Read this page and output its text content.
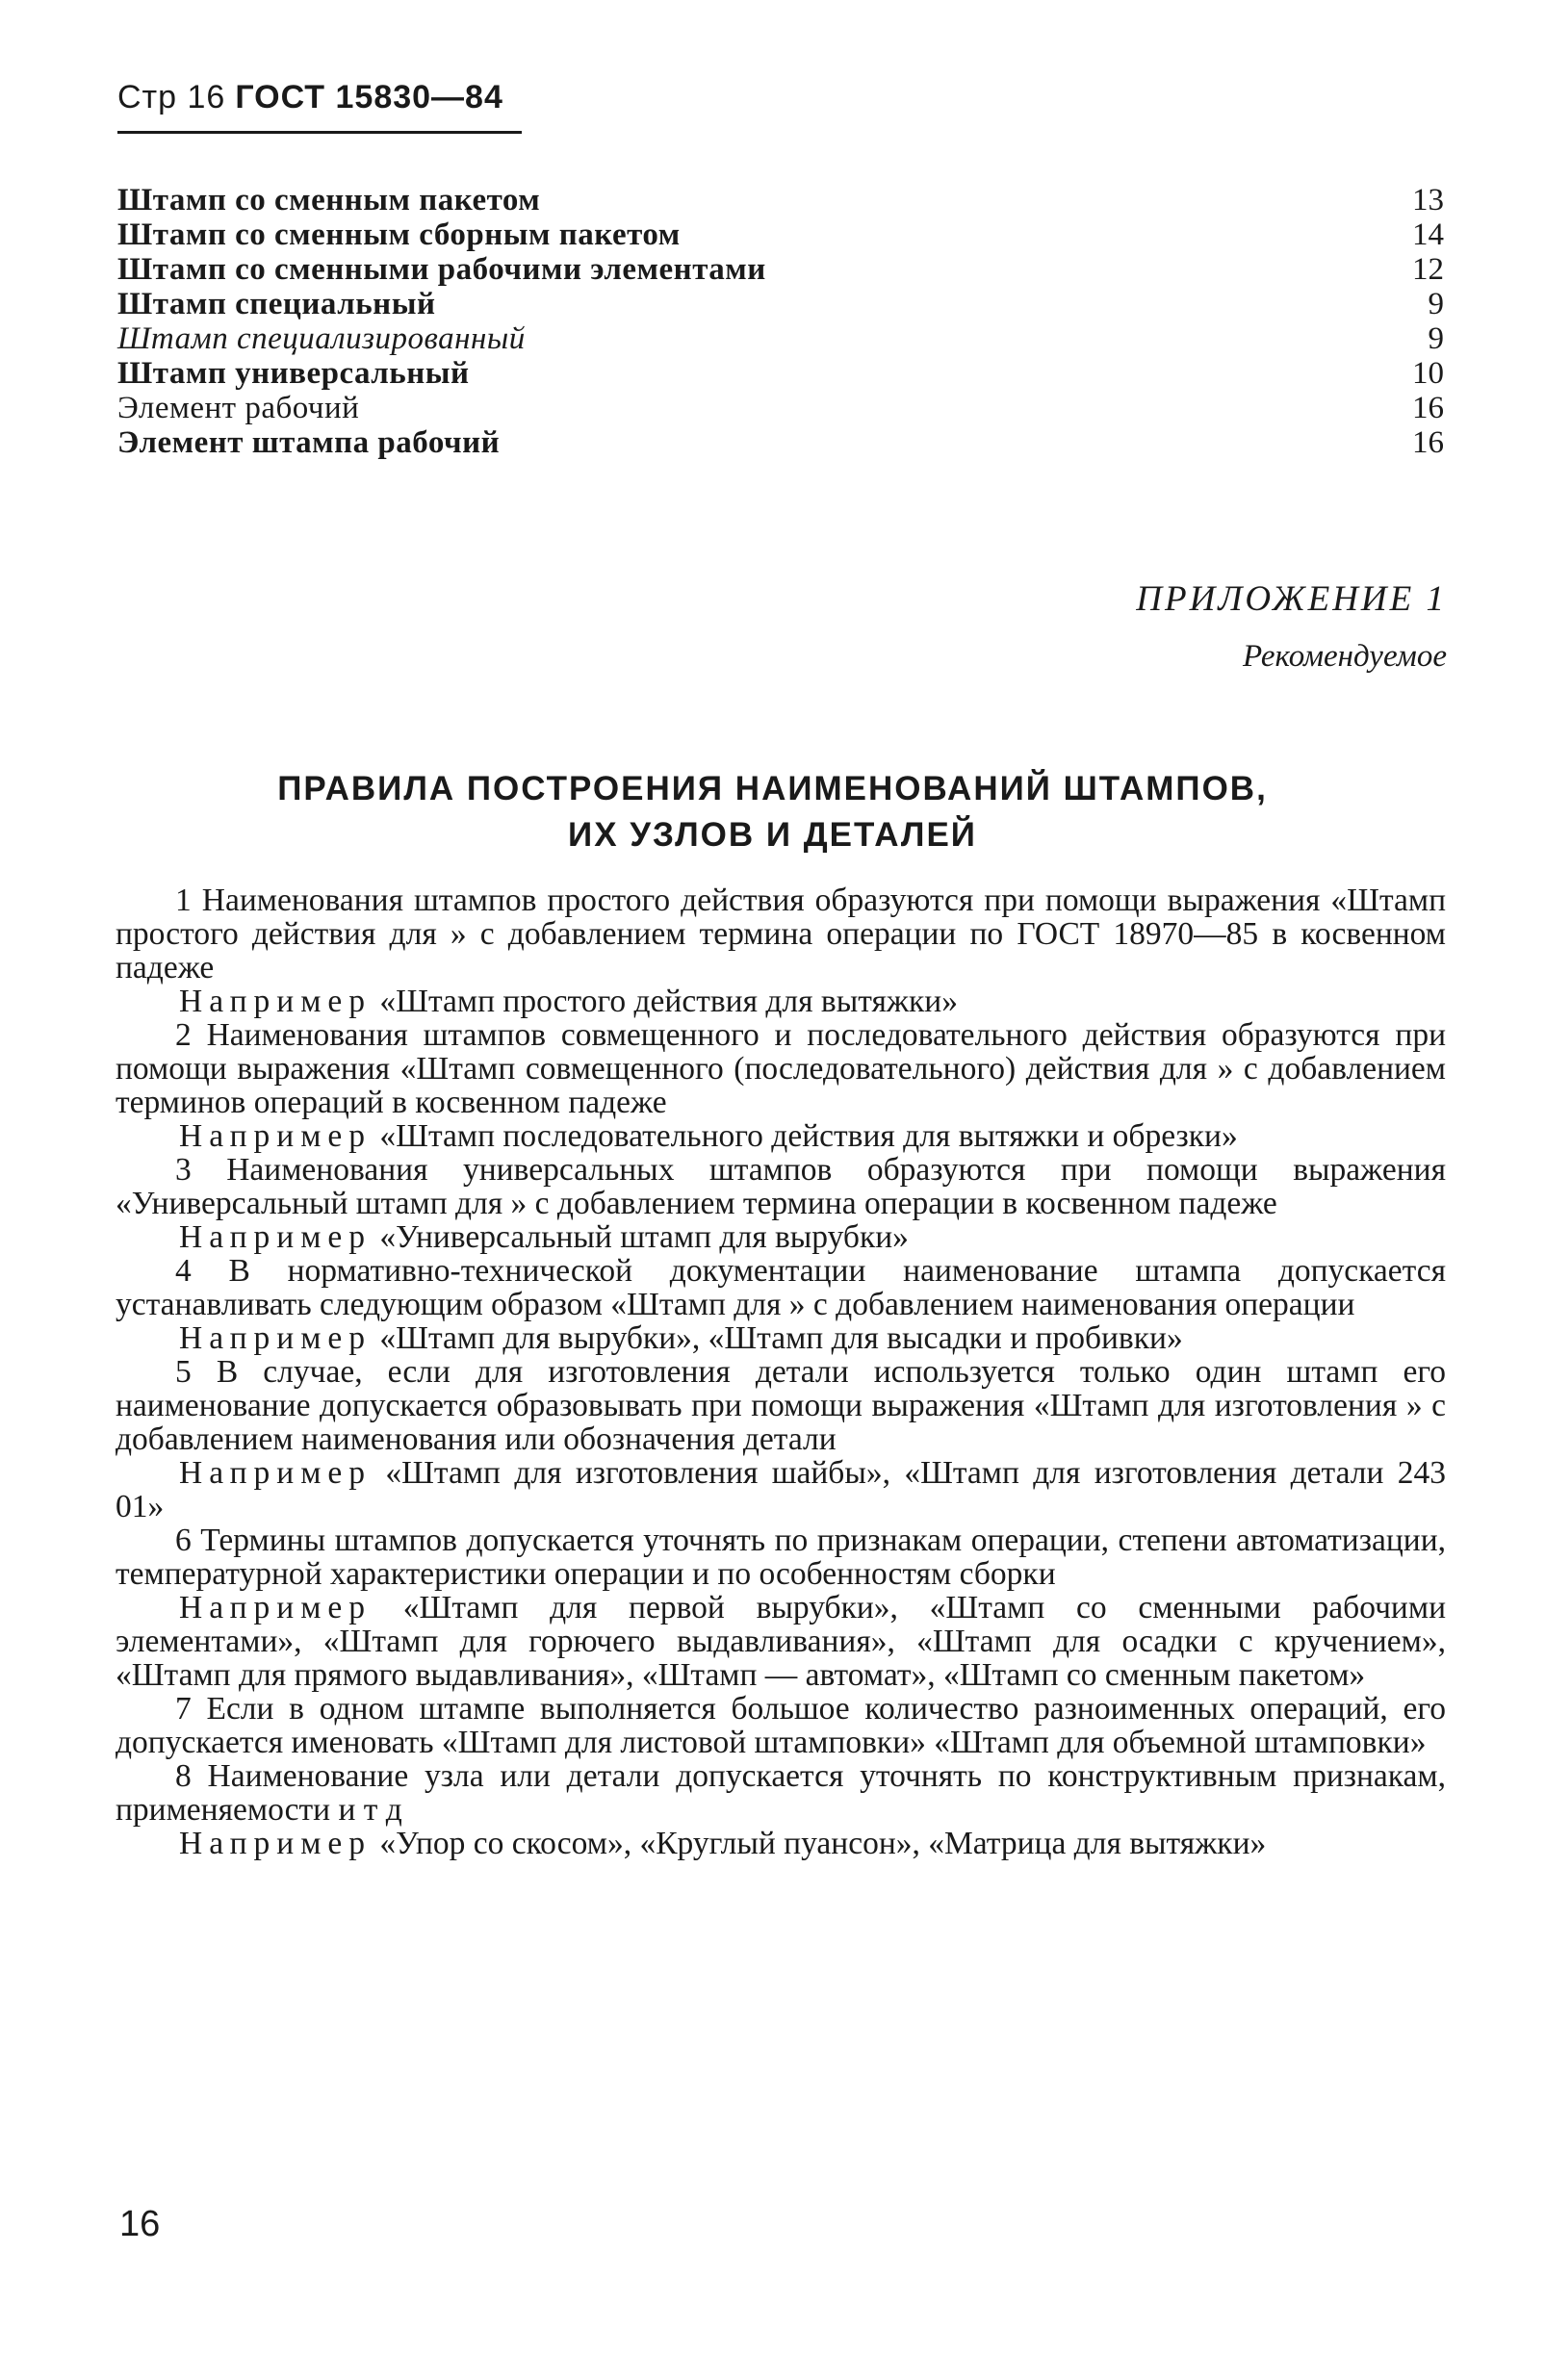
Стр 16 ГОСТ 15830—84
Штамп со сменным пакетом	13
Штамп со сменным сборным пакетом	14
Штамп со сменными рабочими элементами	12
Штамп специальный	9
Штамп специализированный	9
Штамп универсальный	10
Элемент рабочий	16
Элемент штампа рабочий	16
ПРИЛОЖЕНИЕ 1
Рекомендуемое
ПРАВИЛА ПОСТРОЕНИЯ НАИМЕНОВАНИЙ ШТАМПОВ,
ИХ УЗЛОВ И ДЕТАЛЕЙ

1 Наименования штампов простого действия образуются при помощи выражения «Штамп простого действия для » с добавлением термина операции по ГОСТ 18970—85 в косвенном падеже

Например «Штамп простого действия для вытяжки»

2 Наименования штампов совмещенного и последовательного действия образуются при помощи выражения «Штамп совмещенного (последовательного) действия для » с добавлением терминов операций в косвенном падеже

Например «Штамп последовательного действия для вытяжки и обрезки»

3 Наименования универсальных штампов образуются при помощи выражения «Универсальный штамп для » с добавлением термина операции в косвенном падеже

Например «Универсальный штамп для вырубки»

4 В нормативно-технической документации наименование штампа допускается устанавливать следующим образом «Штамп для » с добавлением наименования операции

Например «Штамп для вырубки», «Штамп для высадки и пробивки»

5 В случае, если для изготовления детали используется только один штамп его наименование допускается образовывать при помощи выражения «Штамп для изготовления » с добавлением наименования или обозначения детали

Например «Штамп для изготовления шайбы», «Штамп для изготовления детали 243 01»

6 Термины штампов допускается уточнять по признакам операции, степени автоматизации, температурной характеристики операции и по особенностям сборки

Например «Штамп для первой вырубки», «Штамп со сменными рабочими элементами», «Штамп для горючего выдавливания», «Штамп для осадки с кручением», «Штамп для прямого выдавливания», «Штамп — автомат», «Штамп со сменным пакетом»

7 Если в одном штампе выполняется большое количество разноименных операций, его допускается именовать «Штамп для листовой штамповки» «Штамп для объемной штамповки»

8 Наименование узла или детали допускается уточнять по конструктивным признакам, применяемости и т д

Например «Упор со скосом», «Круглый пуансон», «Матрица для вытяжки»

16
